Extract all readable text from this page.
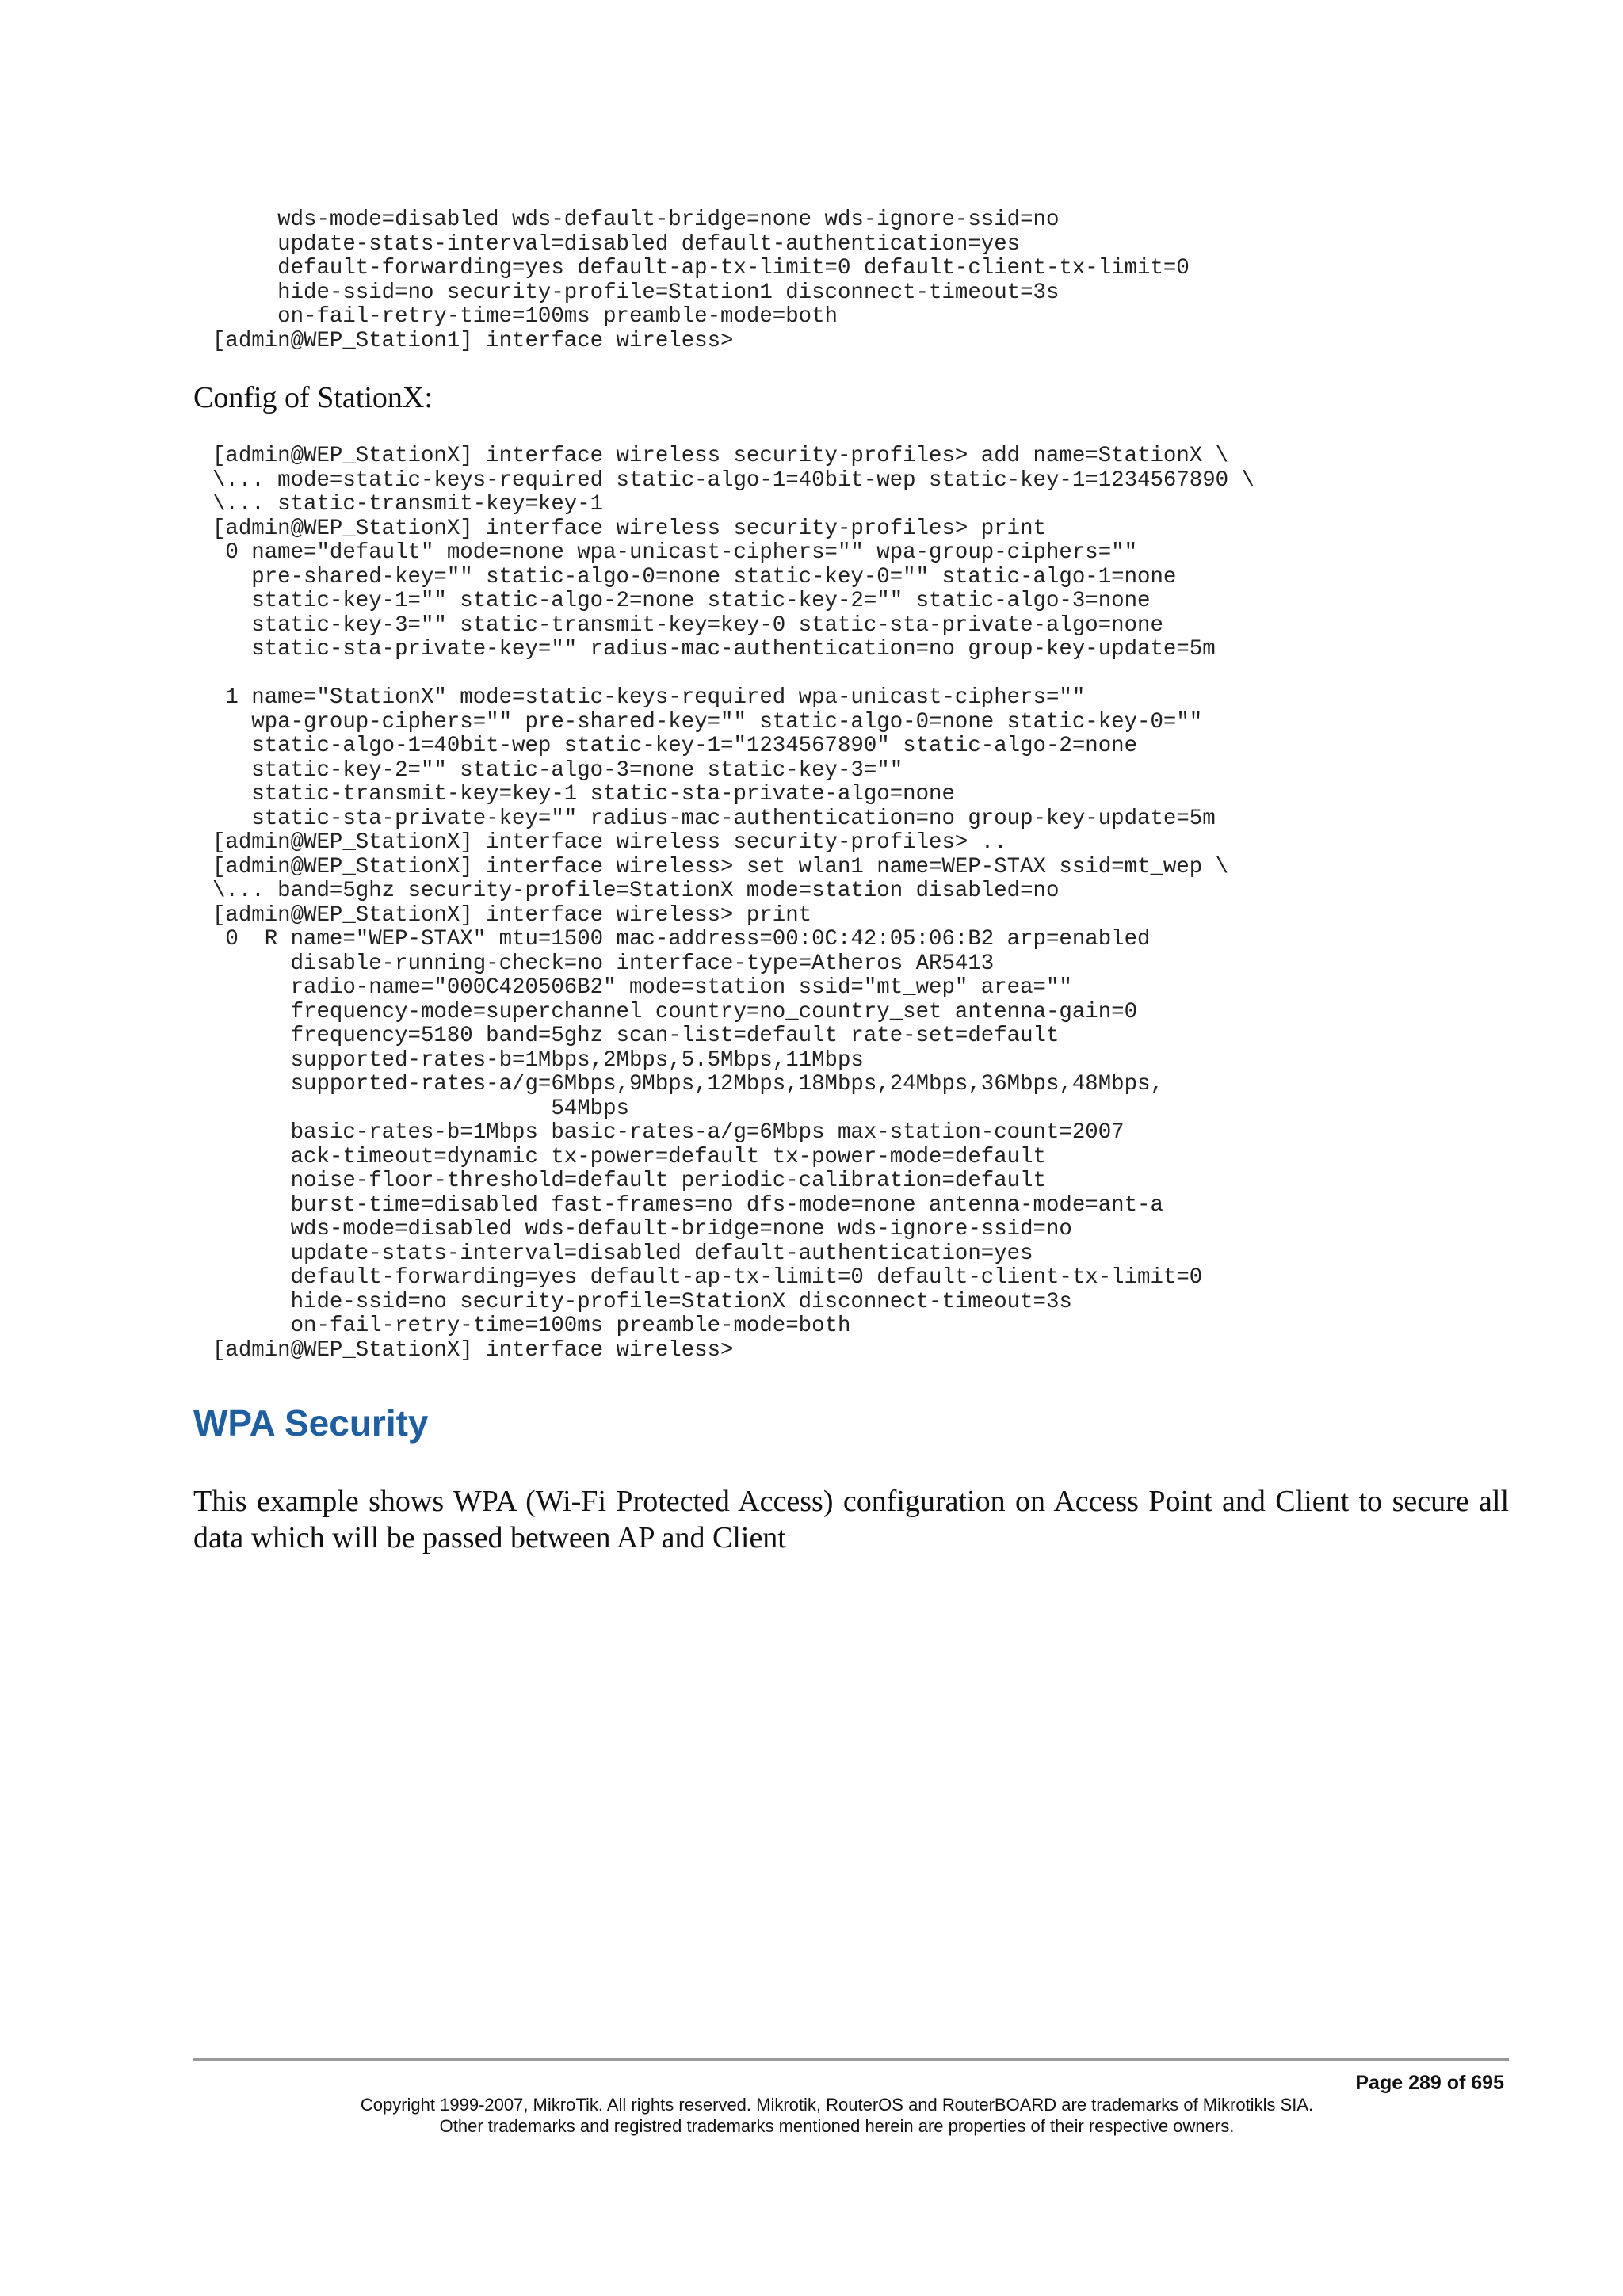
wds-mode=disabled wds-default-bridge=none wds-ignore-ssid=no
update-stats-interval=disabled default-authentication=yes
default-forwarding=yes default-ap-tx-limit=0 default-client-tx-limit=0
hide-ssid=no security-profile=Station1 disconnect-timeout=3s
on-fail-retry-time=100ms preamble-mode=both
[admin@WEP_Station1] interface wireless>

Config of StationX:

[admin@WEP_StationX] interface wireless security-profiles> add name=StationX \
\... mode=static-keys-required static-algo-1=40bit-wep static-key-1=1234567890 \
\... static-transmit-key=key-1
[admin@WEP_StationX] interface wireless security-profiles> print
0 name="default" mode=none wpa-unicast-ciphers="" wpa-group-ciphers=""
pre-shared-key="" static-algo-0=none static-key-0="" static-algo-1=none
static-key-1="" static-algo-2=none static-key-2="" static-algo-3=none
static-key-3="" static-transmit-key=key-0 static-sta-private-algo=none
static-sta-private-key="" radius-mac-authentication=no group-key-update=5m

1 name="StationX" mode=static-keys-required wpa-unicast-ciphers=""
wpa-group-ciphers="" pre-shared-key="" static-algo-0=none static-key-0=""
static-algo-1=40bit-wep static-key-1="1234567890" static-algo-2=none
static-key-2="" static-algo-3=none static-key-3=""
static-transmit-key=key-1 static-sta-private-algo=none
static-sta-private-key="" radius-mac-authentication=no group-key-update=5m
[admin@WEP_StationX] interface wireless security-profiles> ..
[admin@WEP_StationX] interface wireless> set wlan1 name=WEP-STAX ssid=mt_wep \
\... band=5ghz security-profile=StationX mode=station disabled=no
[admin@WEP_StationX] interface wireless> print
0  R name="WEP-STAX" mtu=1500 mac-address=00:0C:42:05:06:B2 arp=enabled
disable-running-check=no interface-type=Atheros AR5413
radio-name="000C420506B2" mode=station ssid="mt_wep" area=""
frequency-mode=superchannel country=no_country_set antenna-gain=0
frequency=5180 band=5ghz scan-list=default rate-set=default
supported-rates-b=1Mbps,2Mbps,5.5Mbps,11Mbps
supported-rates-a/g=6Mbps,9Mbps,12Mbps,18Mbps,24Mbps,36Mbps,48Mbps,
54Mbps
basic-rates-b=1Mbps basic-rates-a/g=6Mbps max-station-count=2007
ack-timeout=dynamic tx-power=default tx-power-mode=default
noise-floor-threshold=default periodic-calibration=default
burst-time=disabled fast-frames=no dfs-mode=none antenna-mode=ant-a
wds-mode=disabled wds-default-bridge=none wds-ignore-ssid=no
update-stats-interval=disabled default-authentication=yes
default-forwarding=yes default-ap-tx-limit=0 default-client-tx-limit=0
hide-ssid=no security-profile=StationX disconnect-timeout=3s
on-fail-retry-time=100ms preamble-mode=both
[admin@WEP_StationX] interface wireless>
WPA Security

This example shows WPA (Wi-Fi Protected Access) configuration on Access Point and Client to secure all data which will be passed between AP and Client

Page 289 of 695
Copyright 1999-2007, MikroTik. All rights reserved. Mikrotik, RouterOS and RouterBOARD are trademarks of Mikrotikls SIA.
Other trademarks and registred trademarks mentioned herein are properties of their respective owners.
